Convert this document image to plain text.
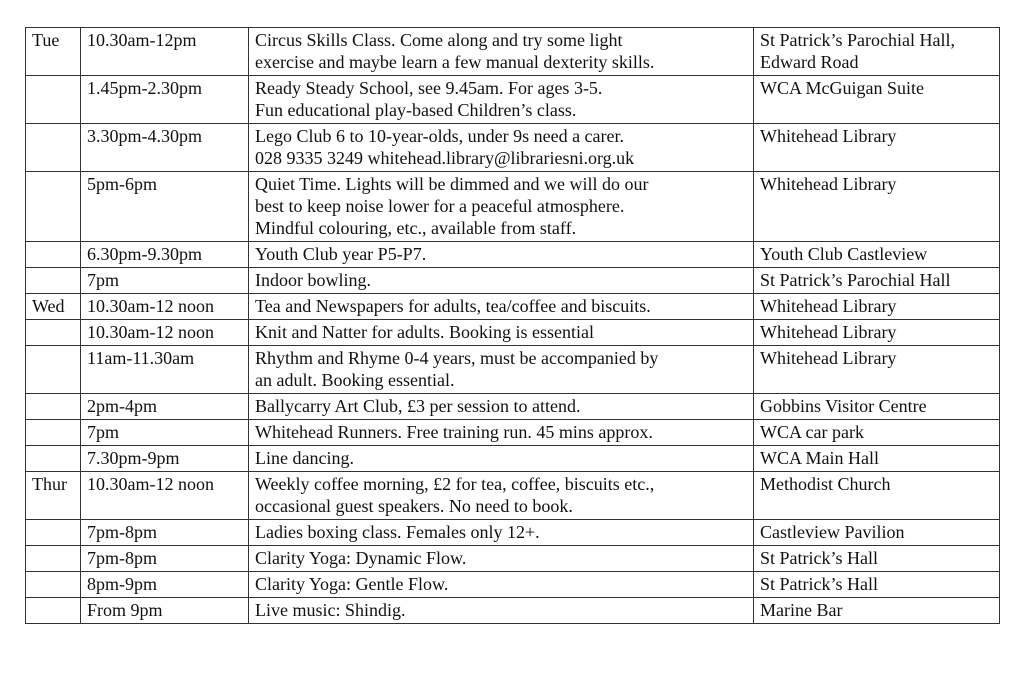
Tue	10.30am-12pm	Circus Skills Class. Come along and try some light
exercise and maybe learn a few manual dexterity skills.	St Patrick’s Parochial Hall,
Edward Road

	1.45pm-2.30pm	Ready Steady School, see 9.45am. For ages 3-5.
Fun educational play-based Children’s class.	WCA McGuigan Suite

	3.30pm-4.30pm	Lego Club 6 to 10-year-olds, under 9s need a carer.
028 9335 3249 whitehead.library@librariesni.org.uk	Whitehead Library

	5pm-6pm	Quiet Time. Lights will be dimmed and we will do our
best to keep noise lower for a peaceful atmosphere.
Mindful colouring, etc., available from staff.	Whitehead Library

	6.30pm-9.30pm	Youth Club year P5-P7.	Youth Club Castleview

	7pm	Indoor bowling.	St Patrick’s Parochial Hall

Wed	10.30am-12 noon	Tea and Newspapers for adults, tea/coffee and biscuits.	Whitehead Library

	10.30am-12 noon	Knit and Natter for adults. Booking is essential	Whitehead Library

	11am-11.30am	Rhythm and Rhyme 0-4 years, must be accompanied by
an adult. Booking essential.	Whitehead Library

	2pm-4pm	Ballycarry Art Club, £3 per session to attend.	Gobbins Visitor Centre

	7pm	Whitehead Runners. Free training run. 45 mins approx.	WCA car park

	7.30pm-9pm	Line dancing.	WCA Main Hall

Thur	10.30am-12 noon	Weekly coffee morning, £2 for tea, coffee, biscuits etc.,
occasional guest speakers. No need to book.	Methodist Church

	7pm-8pm	Ladies boxing class. Females only 12+.	Castleview Pavilion

	7pm-8pm	Clarity Yoga: Dynamic Flow.	St Patrick’s Hall

	8pm-9pm	Clarity Yoga: Gentle Flow.	St Patrick’s Hall

	From 9pm	Live music: Shindig.	Marine Bar
